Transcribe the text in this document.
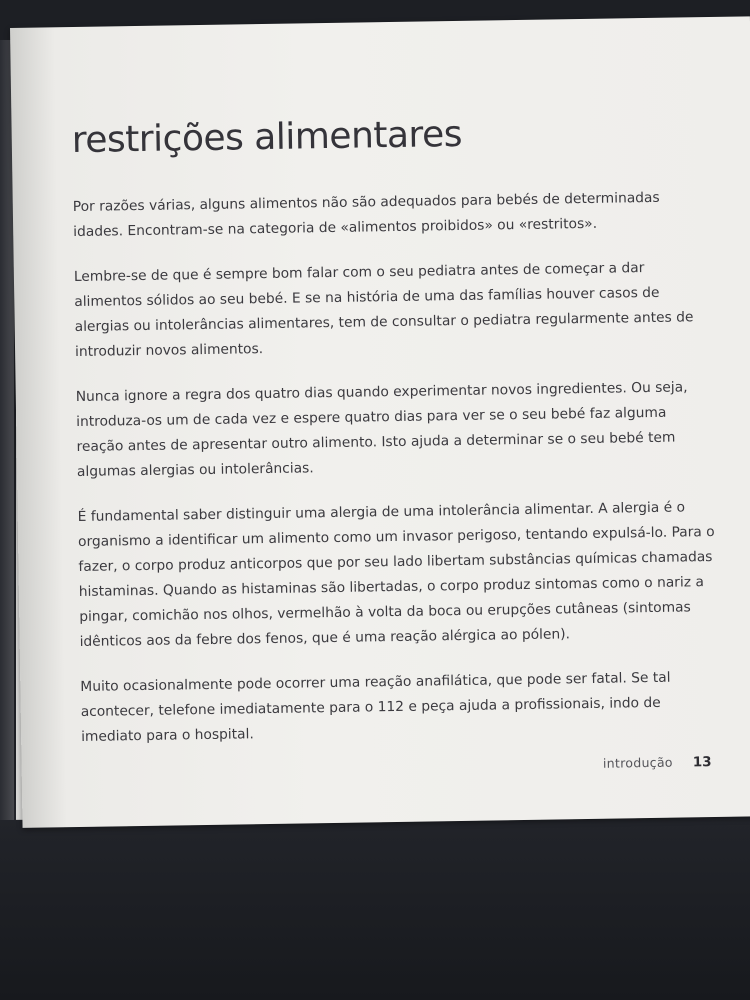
restrições alimentares

Por razões várias, alguns alimentos não são adequados para bebés de determinadas idades. Encontram-se na categoria de «alimentos proibidos» ou «restritos».

Lembre-se de que é sempre bom falar com o seu pediatra antes de começar a dar alimentos sólidos ao seu bebé. E se na história de uma das famílias houver casos de alergias ou intolerâncias alimentares, tem de consultar o pediatra regularmente antes de introduzir novos alimentos.

Nunca ignore a regra dos quatro dias quando experimentar novos ingredientes. Ou seja, introduza-os um de cada vez e espere quatro dias para ver se o seu bebé faz alguma reação antes de apresentar outro alimento. Isto ajuda a determinar se o seu bebé tem algumas alergias ou intolerâncias.

É fundamental saber distinguir uma alergia de uma intolerância alimentar. A alergia é o organismo a identificar um alimento como um invasor perigoso, tentando expulsá-lo. Para o fazer, o corpo produz anticorpos que por seu lado libertam substâncias químicas chamadas histaminas. Quando as histaminas são libertadas, o corpo produz sintomas como o nariz a pingar, comichão nos olhos, vermelhão à volta da boca ou erupções cutâneas (sintomas idênticos aos da febre dos fenos, que é uma reação alérgica ao pólen).

Muito ocasionalmente pode ocorrer uma reação anafilática, que pode ser fatal. Se tal acontecer, telefone imediatamente para o 112 e peça ajuda a profissionais, indo de imediato para o hospital.

introdução 13
